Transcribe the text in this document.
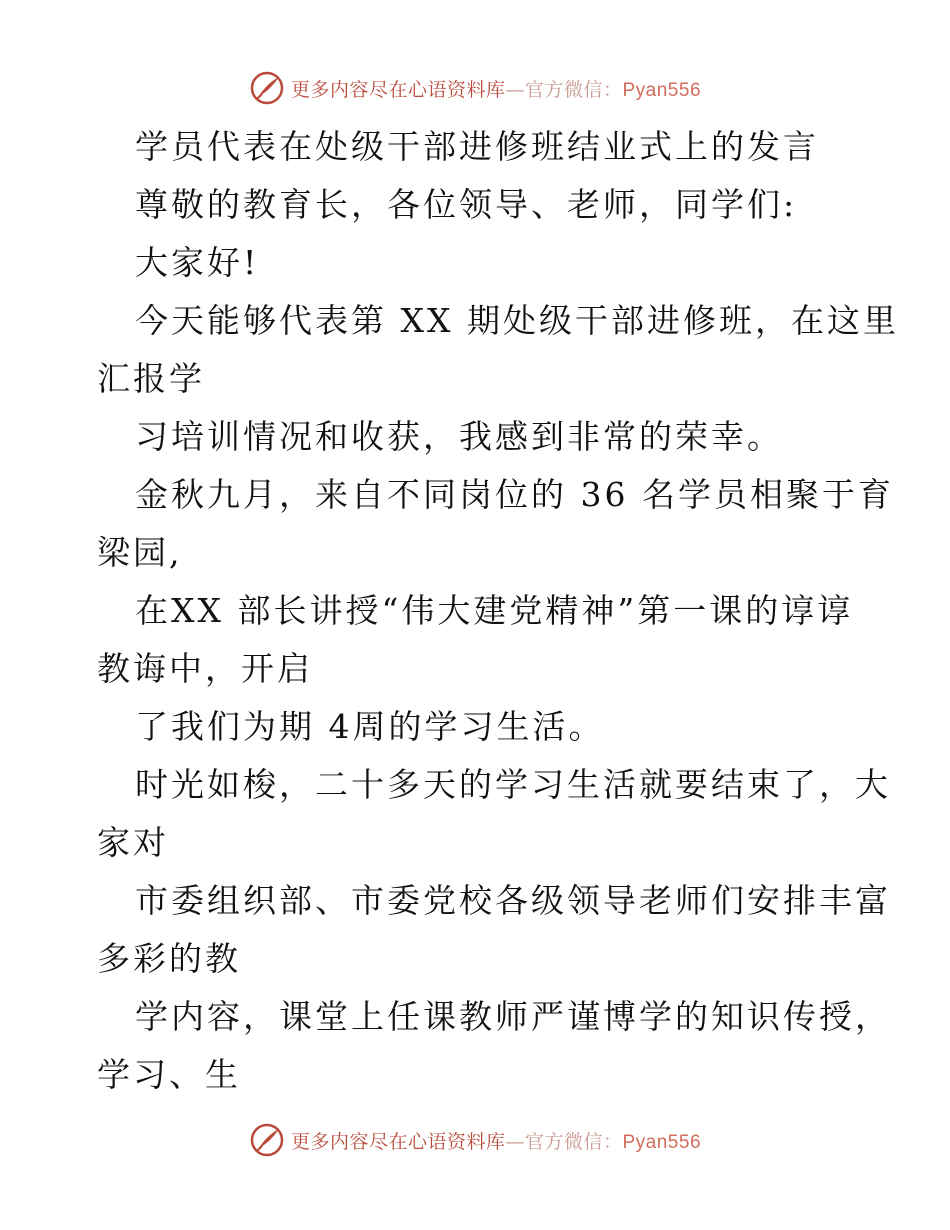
更多内容尽在心语资料库—官方微信：Pyan556
学员代表在处级干部进修班结业式上的发言
尊敬的教育长，各位领导、老师，同学们:
大家好!
今天能够代表第 XX 期处级干部进修班，在这里
汇报学
习培训情况和收获，我感到非常的荣幸。
金秋九月，来自不同岗位的 36 名学员相聚于育
梁园,
在XX 部长讲授“伟大建党精神”第一课的谆谆
教诲中，开启
了我们为期 4周的学习生活。
时光如梭，二十多天的学习生活就要结束了，大
家对
市委组织部、市委党校各级领导老师们安排丰富
多彩的教
学内容，课堂上任课教师严谨博学的知识传授，
学习、生
更多内容尽在心语资料库—官方微信：Pyan556
